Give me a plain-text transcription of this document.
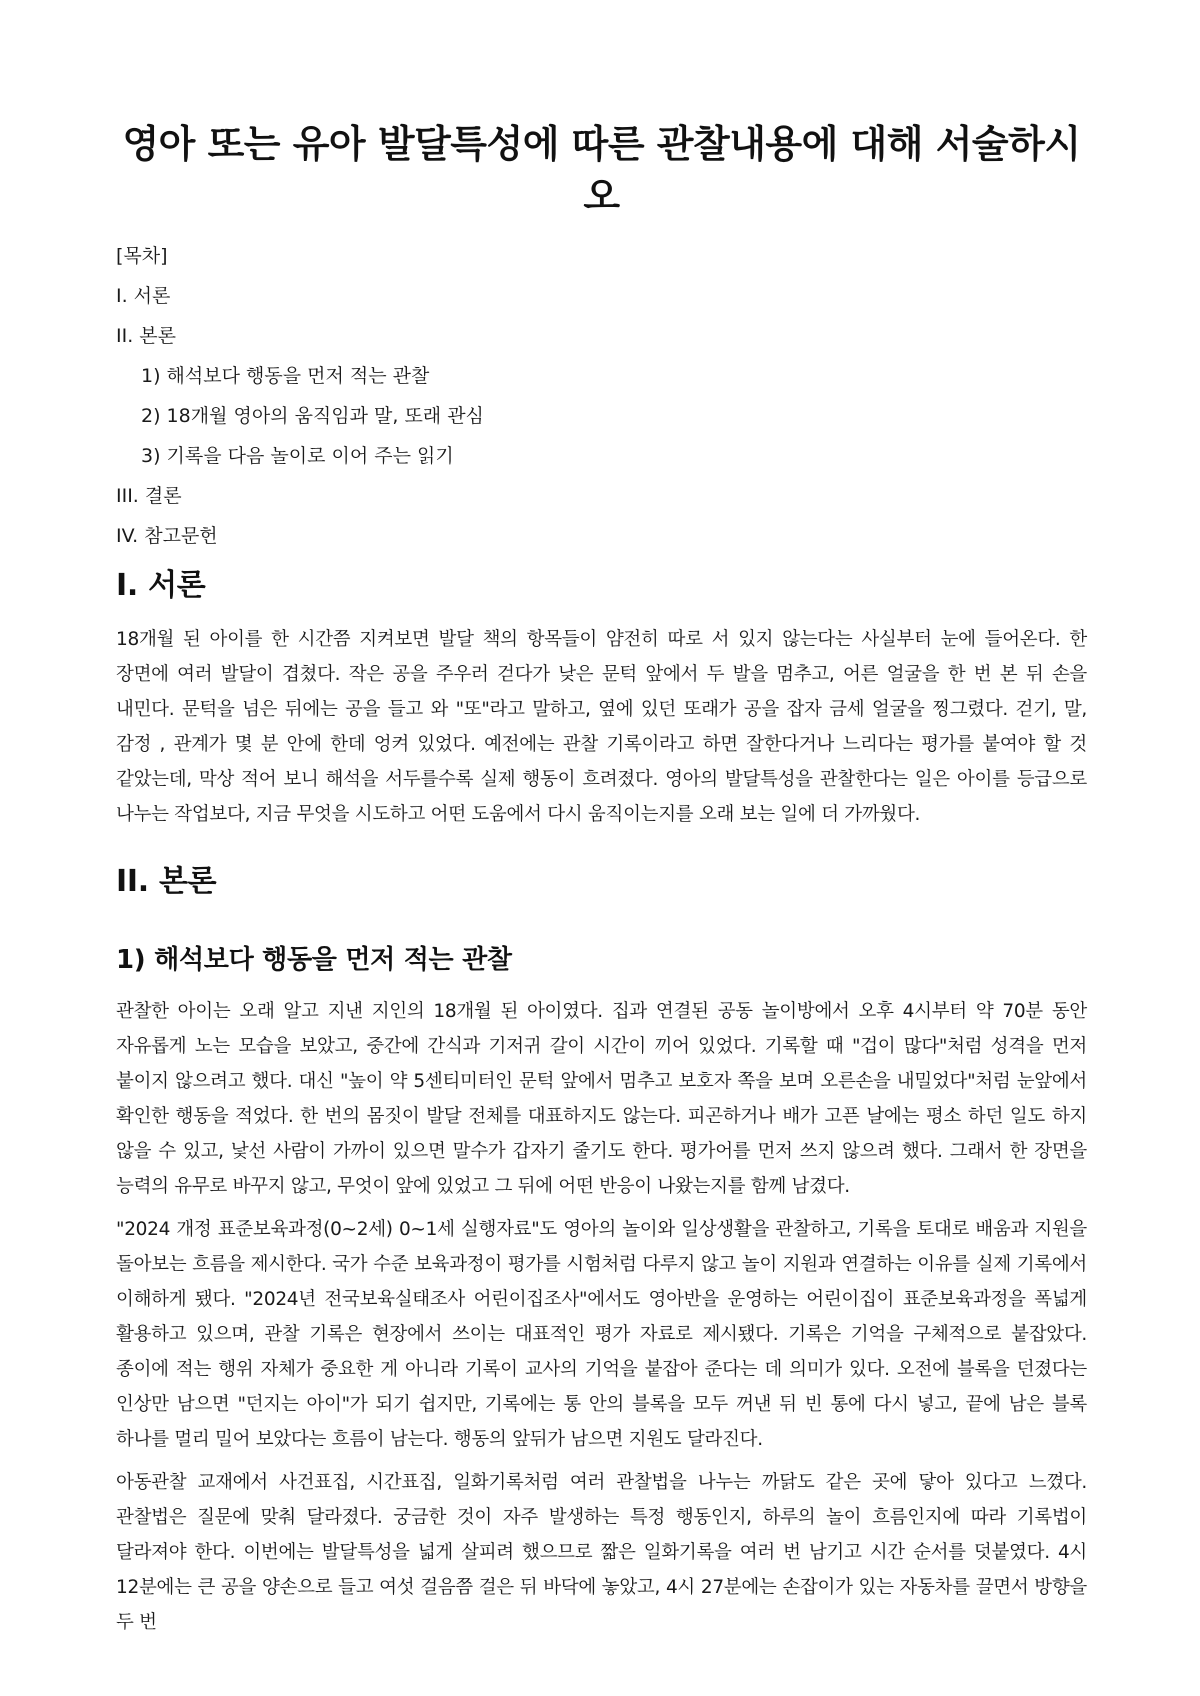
영아 또는 유아 발달특성에 따른 관찰내용에 대해 서술하시오
[목차]
I. 서론
II. 본론
1) 해석보다 행동을 먼저 적는 관찰
2) 18개월 영아의 움직임과 말, 또래 관심
3) 기록을 다음 놀이로 이어 주는 읽기
III. 결론
IV. 참고문헌
I. 서론

18개월 된 아이를 한 시간쯤 지켜보면 발달 책의 항목들이 얌전히 따로 서 있지 않는다는 사실부터 눈에 들어온다. 한 장면에 여러 발달이 겹쳤다. 작은 공을 주우러 걷다가 낮은 문턱 앞에서 두 발을 멈추고, 어른 얼굴을 한 번 본 뒤 손을 내민다. 문턱을 넘은 뒤에는 공을 들고 와 "또"라고 말하고, 옆에 있던 또래가 공을 잡자 금세 얼굴을 찡그렸다. 걷기, 말, 감정 , 관계가 몇 분 안에 한데 엉켜 있었다. 예전에는 관찰 기록이라고 하면 잘한다거나 느리다는 평가를 붙여야 할 것 같았는데, 막상 적어 보니 해석을 서두를수록 실제 행동이 흐려졌다. 영아의 발달특성을 관찰한다는 일은 아이를 등급으로 나누는 작업보다, 지금 무엇을 시도하고 어떤 도움에서 다시 움직이는지를 오래 보는 일에 더 가까웠다.

II. 본론
1) 해석보다 행동을 먼저 적는 관찰

관찰한 아이는 오래 알고 지낸 지인의 18개월 된 아이였다. 집과 연결된 공동 놀이방에서 오후 4시부터 약 70분 동안 자유롭게 노는 모습을 보았고, 중간에 간식과 기저귀 갈이 시간이 끼어 있었다. 기록할 때 "겁이 많다"처럼 성격을 먼저 붙이지 않으려고 했다. 대신 "높이 약 5센티미터인 문턱 앞에서 멈추고 보호자 쪽을 보며 오른손을 내밀었다"처럼 눈앞에서 확인한 행동을 적었다. 한 번의 몸짓이 발달 전체를 대표하지도 않는다. 피곤하거나 배가 고픈 날에는 평소 하던 일도 하지 않을 수 있고, 낯선 사람이 가까이 있으면 말수가 갑자기 줄기도 한다. 평가어를 먼저 쓰지 않으려 했다. 그래서 한 장면을 능력의 유무로 바꾸지 않고, 무엇이 앞에 있었고 그 뒤에 어떤 반응이 나왔는지를 함께 남겼다.

"2024 개정 표준보육과정(0~2세) 0~1세 실행자료"도 영아의 놀이와 일상생활을 관찰하고, 기록을 토대로 배움과 지원을 돌아보는 흐름을 제시한다. 국가 수준 보육과정이 평가를 시험처럼 다루지 않고 놀이 지원과 연결하는 이유를 실제 기록에서 이해하게 됐다. "2024년 전국보육실태조사 어린이집조사"에서도 영아반을 운영하는 어린이집이 표준보육과정을 폭넓게 활용하고 있으며, 관찰 기록은 현장에서 쓰이는 대표적인 평가 자료로 제시됐다. 기록은 기억을 구체적으로 붙잡았다. 종이에 적는 행위 자체가 중요한 게 아니라 기록이 교사의 기억을 붙잡아 준다는 데 의미가 있다. 오전에 블록을 던졌다는 인상만 남으면 "던지는 아이"가 되기 쉽지만, 기록에는 통 안의 블록을 모두 꺼낸 뒤 빈 통에 다시 넣고, 끝에 남은 블록 하나를 멀리 밀어 보았다는 흐름이 남는다. 행동의 앞뒤가 남으면 지원도 달라진다.

아동관찰 교재에서 사건표집, 시간표집, 일화기록처럼 여러 관찰법을 나누는 까닭도 같은 곳에 닿아 있다고 느꼈다. 관찰법은 질문에 맞춰 달라졌다. 궁금한 것이 자주 발생하는 특정 행동인지, 하루의 놀이 흐름인지에 따라 기록법이 달라져야 한다. 이번에는 발달특성을 넓게 살피려 했으므로 짧은 일화기록을 여러 번 남기고 시간 순서를 덧붙였다. 4시 12분에는 큰 공을 양손으로 들고 여섯 걸음쯤 걸은 뒤 바닥에 놓았고, 4시 27분에는 손잡이가 있는 자동차를 끌면서 방향을 두 번
